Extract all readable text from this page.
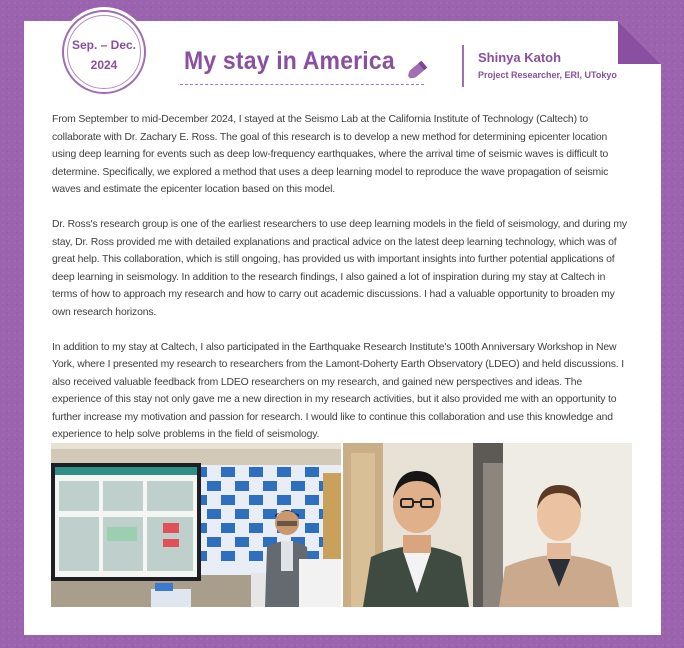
Sep. – Dec.
2024	My stay in America	Shinya Katoh
Project Researcher, ERI, UTokyo

From September to mid-December 2024, I stayed at the Seismo Lab at the California Institute of Technology (Caltech) to collaborate with Dr. Zachary E. Ross. The goal of this research is to develop a new method for determining epicenter location using deep learning for events such as deep low-frequency earthquakes, where the arrival time of seismic waves is difficult to determine. Specifically, we explored a method that uses a deep learning model to reproduce the wave propagation of seismic waves and estimate the epicenter location based on this model.

Dr. Ross's research group is one of the earliest researchers to use deep learning models in the field of seismology, and during my stay, Dr. Ross provided me with detailed explanations and practical advice on the latest deep learning technology, which was of great help. This collaboration, which is still ongoing, has provided us with important insights into further potential applications of deep learning in seismology. In addition to the research findings, I also gained a lot of inspiration during my stay at Caltech in terms of how to approach my research and how to carry out academic discussions. I had a valuable opportunity to broaden my own research horizons.

In addition to my stay at Caltech, I also participated in the Earthquake Research Institute's 100th Anniversary Workshop in New York, where I presented my research to researchers from the Lamont-Doherty Earth Observatory (LDEO) and held discussions. I also received valuable feedback from LDEO researchers on my research, and gained new perspectives and ideas. The experience of this stay not only gave me a new direction in my research activities, but it also provided me with an opportunity to further increase my motivation and passion for research. I would like to continue this collaboration and use this knowledge and experience to help solve problems in the field of seismology.
